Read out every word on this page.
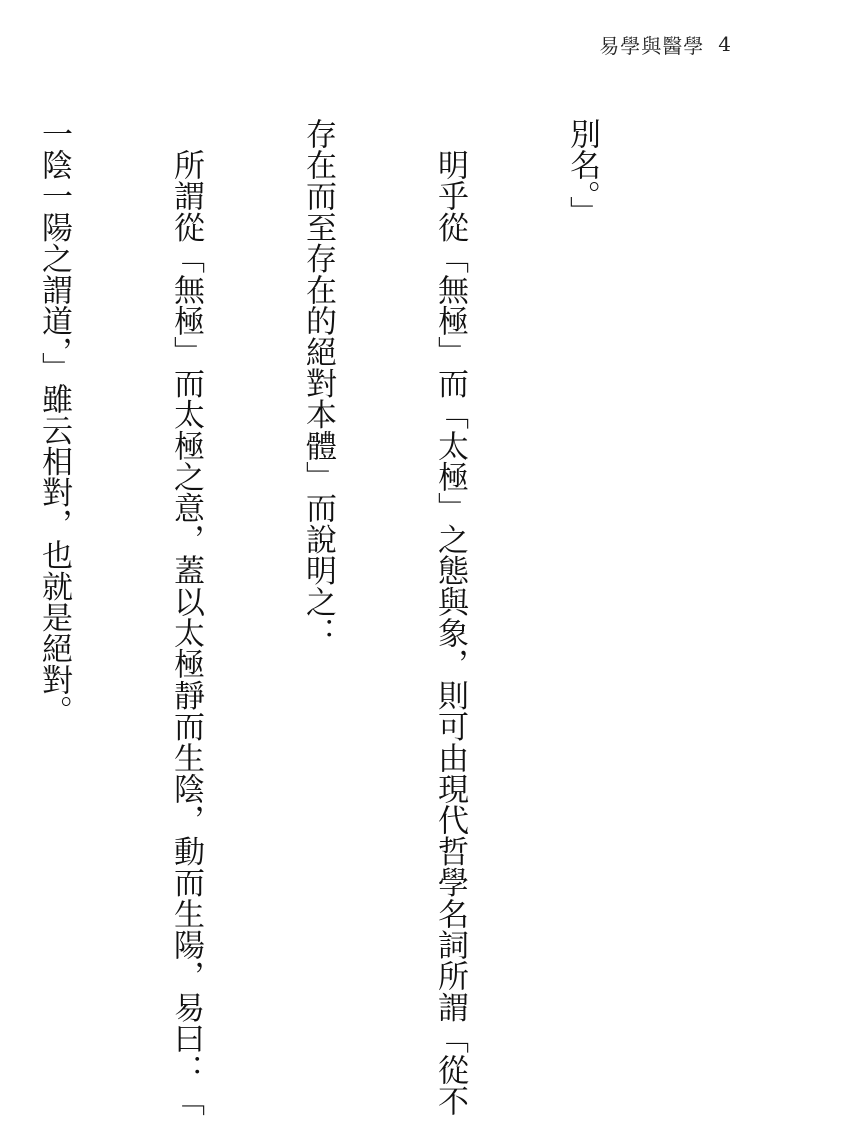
易學與醫學 4

別名。」

　明乎從「無極」而「太極」之態與象，則可由現代哲學名詞所謂「從不

存在而至存在的絕對本體」而說明之：

　所謂從「無極」而太極之意，蓋以太極靜而生陰，動而生陽，易曰：「

一陰一陽之謂道，」雖云相對，也就是絕對。
